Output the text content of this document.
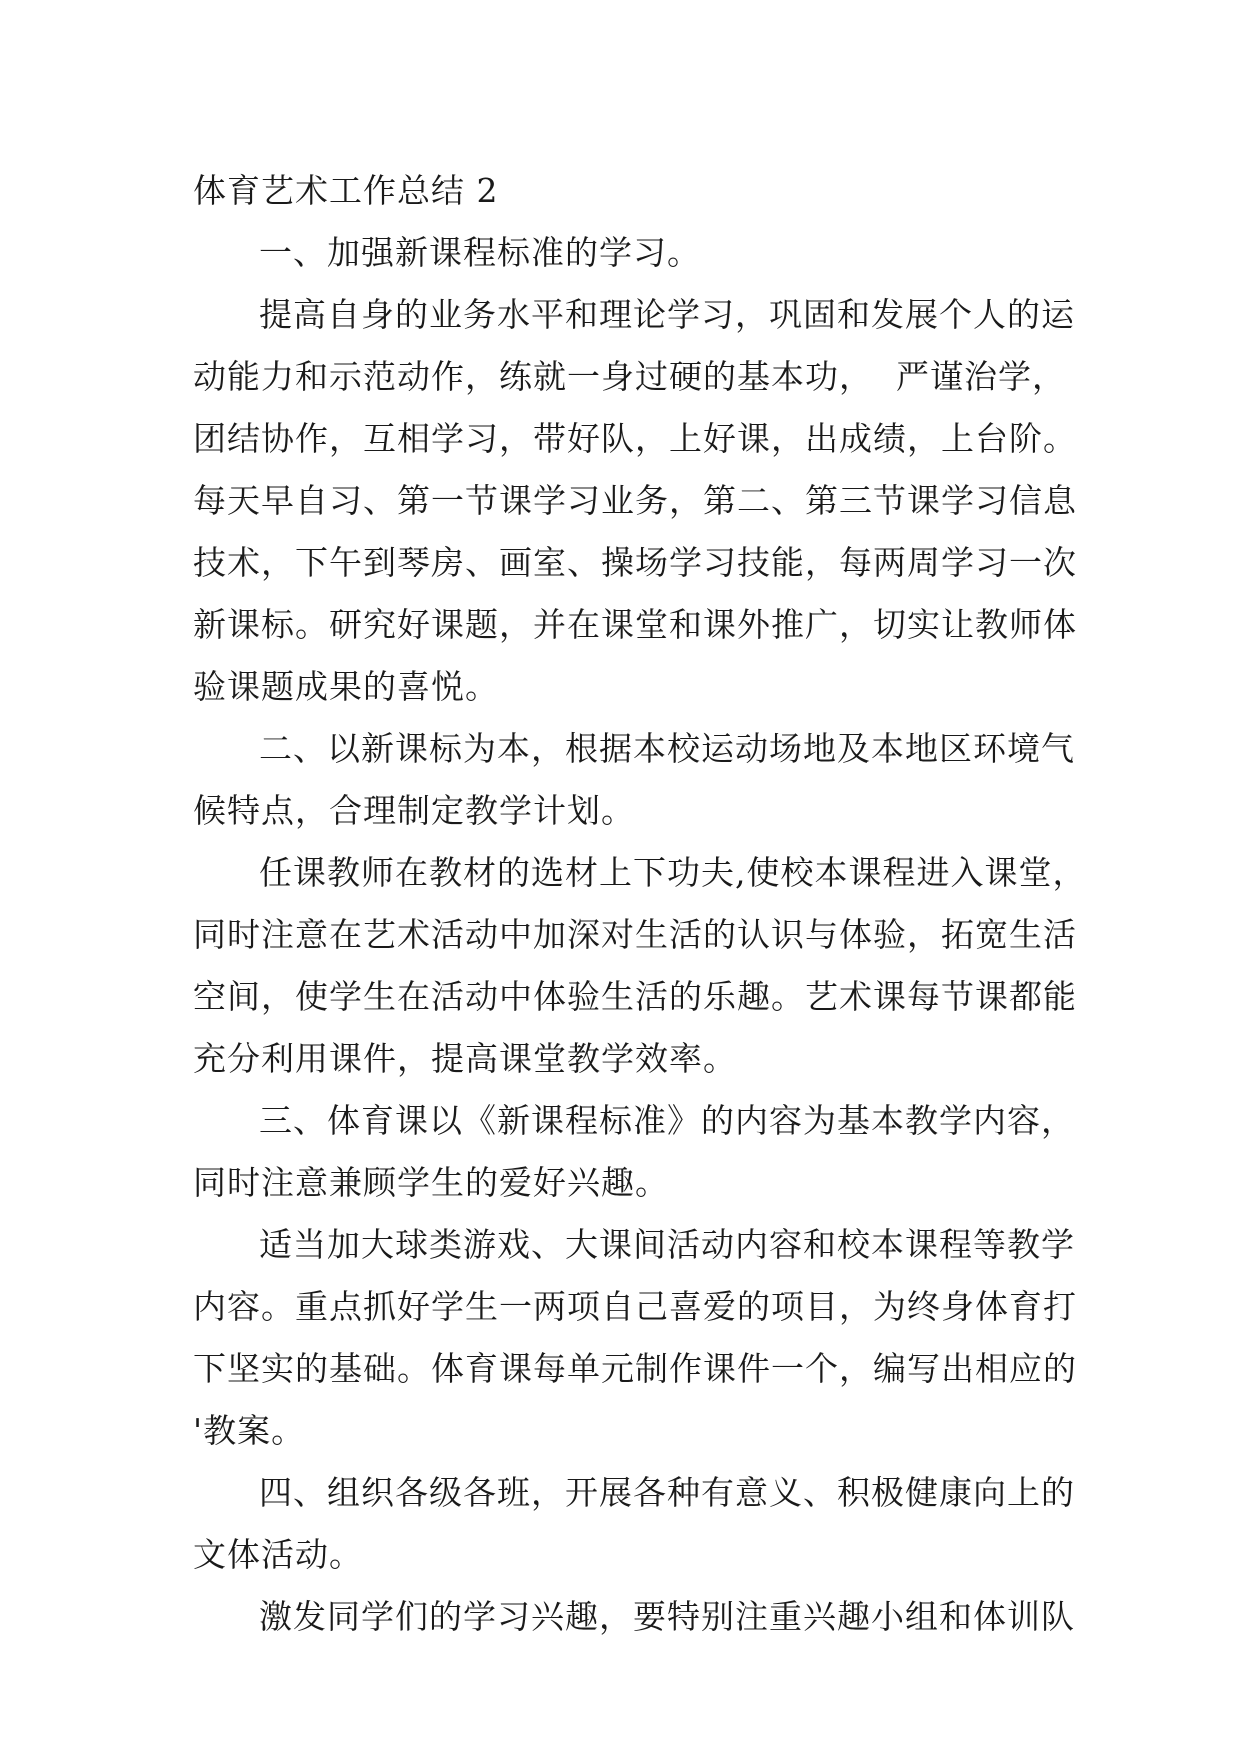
体育艺术工作总结 2
一、加强新课程标准的学习。
提高自身的业务水平和理论学习，巩固和发展个人的运
动能力和示范动作，练就一身过硬的基本功，  严谨治学，
团结协作，互相学习，带好队，上好课，出成绩，上台阶。
每天早自习、第一节课学习业务，第二、第三节课学习信息
技术，下午到琴房、画室、操场学习技能，每两周学习一次
新课标。研究好课题，并在课堂和课外推广，切实让教师体
验课题成果的喜悦。
二、以新课标为本，根据本校运动场地及本地区环境气
候特点，合理制定教学计划。
任课教师在教材的选材上下功夫,使校本课程进入课堂，
同时注意在艺术活动中加深对生活的认识与体验，拓宽生活
空间，使学生在活动中体验生活的乐趣。艺术课每节课都能
充分利用课件，提高课堂教学效率。
三、体育课以《新课程标准》的内容为基本教学内容，
同时注意兼顾学生的爱好兴趣。
适当加大球类游戏、大课间活动内容和校本课程等教学
内容。重点抓好学生一两项自己喜爱的项目，为终身体育打
下坚实的基础。体育课每单元制作课件一个，编写出相应的
'教案。
四、组织各级各班，开展各种有意义、积极健康向上的
文体活动。
激发同学们的学习兴趣，要特别注重兴趣小组和体训队
